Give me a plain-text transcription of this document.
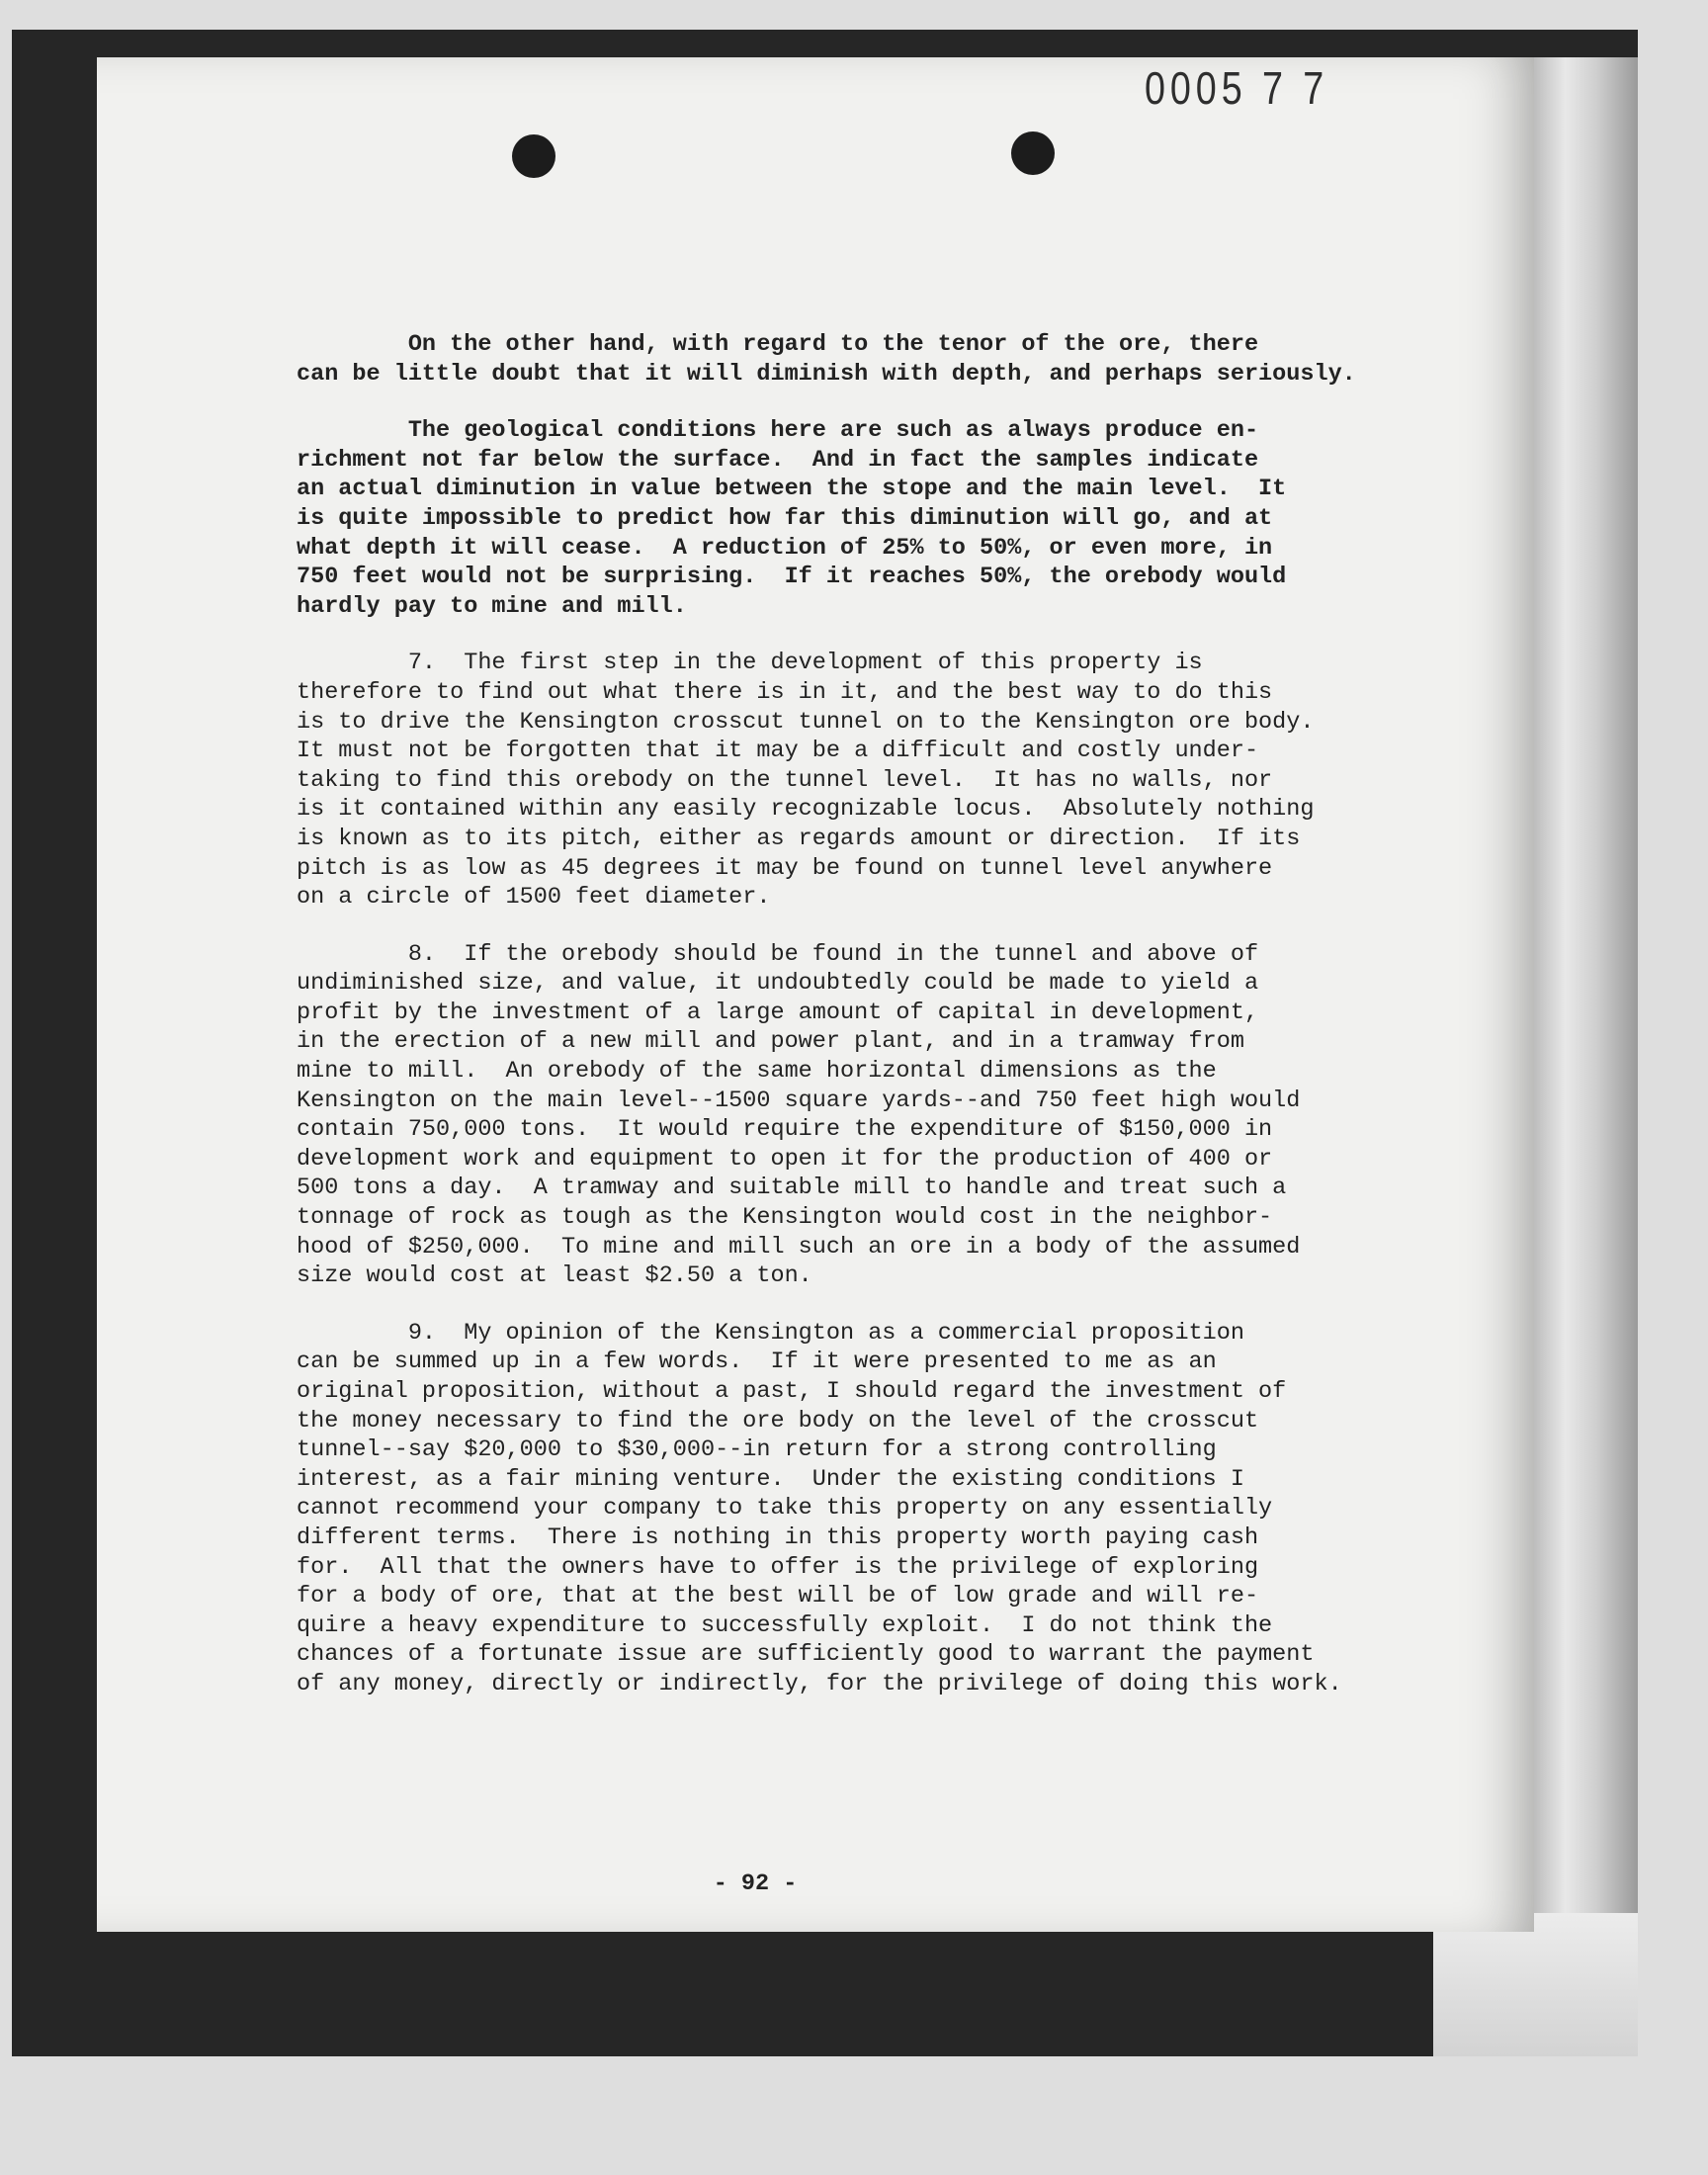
0005 7 7

On the other hand, with regard to the tenor of the ore, there
can be little doubt that it will diminish with depth, and perhaps seriously.

The geological conditions here are such as always produce en-
richment not far below the surface.  And in fact the samples indicate
an actual diminution in value between the stope and the main level.  It
is quite impossible to predict how far this diminution will go, and at
what depth it will cease.  A reduction of 25% to 50%, or even more, in
750 feet would not be surprising.  If it reaches 50%, the orebody would
hardly pay to mine and mill.

7.  The first step in the development of this property is
therefore to find out what there is in it, and the best way to do this
is to drive the Kensington crosscut tunnel on to the Kensington ore body.
It must not be forgotten that it may be a difficult and costly under-
taking to find this orebody on the tunnel level.  It has no walls, nor
is it contained within any easily recognizable locus.  Absolutely nothing
is known as to its pitch, either as regards amount or direction.  If its
pitch is as low as 45 degrees it may be found on tunnel level anywhere
on a circle of 1500 feet diameter.

8.  If the orebody should be found in the tunnel and above of
undiminished size, and value, it undoubtedly could be made to yield a
profit by the investment of a large amount of capital in development,
in the erection of a new mill and power plant, and in a tramway from
mine to mill.  An orebody of the same horizontal dimensions as the
Kensington on the main level--1500 square yards--and 750 feet high would
contain 750,000 tons.  It would require the expenditure of $150,000 in
development work and equipment to open it for the production of 400 or
500 tons a day.  A tramway and suitable mill to handle and treat such a
tonnage of rock as tough as the Kensington would cost in the neighbor-
hood of $250,000.  To mine and mill such an ore in a body of the assumed
size would cost at least $2.50 a ton.

9.  My opinion of the Kensington as a commercial proposition
can be summed up in a few words.  If it were presented to me as an
original proposition, without a past, I should regard the investment of
the money necessary to find the ore body on the level of the crosscut
tunnel--say $20,000 to $30,000--in return for a strong controlling
interest, as a fair mining venture.  Under the existing conditions I
cannot recommend your company to take this property on any essentially
different terms.  There is nothing in this property worth paying cash
for.  All that the owners have to offer is the privilege of exploring
for a body of ore, that at the best will be of low grade and will re-
quire a heavy expenditure to successfully exploit.  I do not think the
chances of a fortunate issue are sufficiently good to warrant the payment
of any money, directly or indirectly, for the privilege of doing this work.

- 92 -
